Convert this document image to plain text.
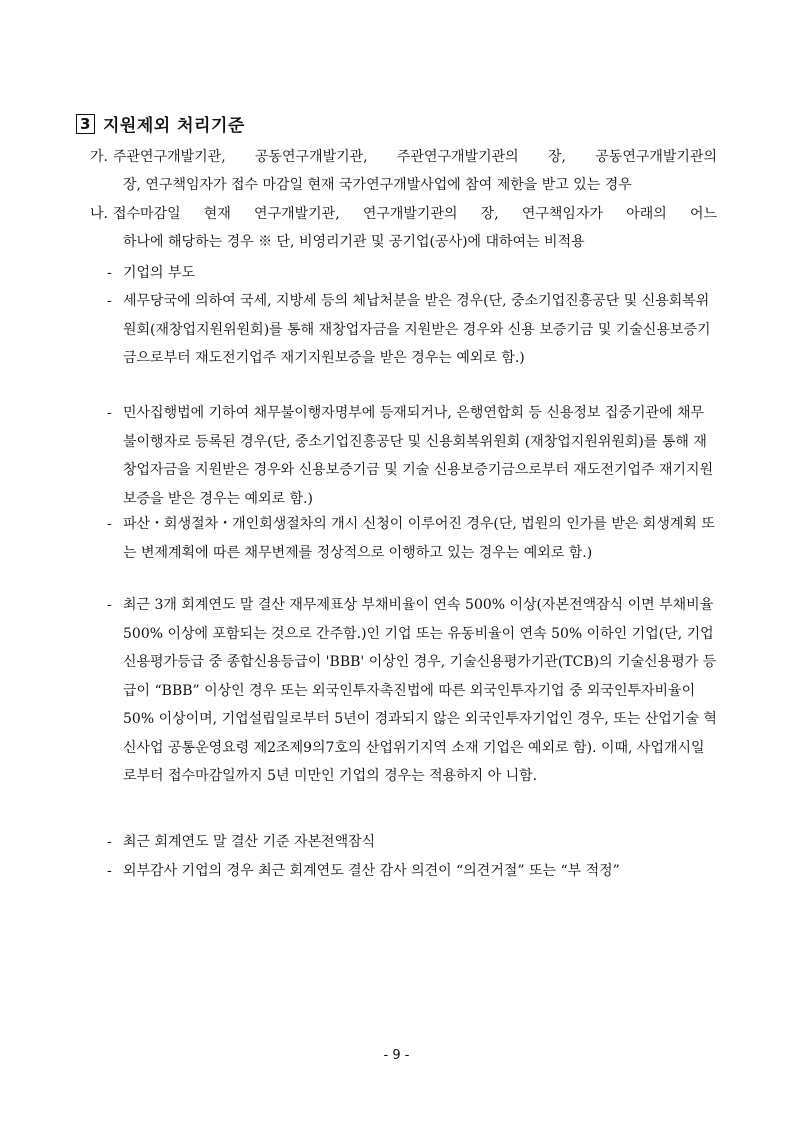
3 지원제외 처리기준
가. 주관연구개발기관, 공동연구개발기관, 주관연구개발기관의 장, 공동연구개발기관의
장, 연구책임자가 접수 마감일 현재 국가연구개발사업에 참여 제한을 받고 있는 경우
나. 접수마감일 현재 연구개발기관, 연구개발기관의 장, 연구책임자가 아래의 어느
하나에 해당하는 경우 ※ 단, 비영리기관 및 공기업(공사)에 대하여는 비적용
- 기업의 부도
- 세무당국에 의하여 국세, 지방세 등의 체납처분을 받은 경우(단, 중소기업진흥공단 및 신용회복위원회(재창업지원위원회)를 통해 재창업자금을 지원받은 경우와 신용 보증기금 및 기술신용보증기금으로부터 재도전기업주 재기지원보증을 받은 경우는 예외로 함.)
- 민사집행법에 기하여 채무불이행자명부에 등재되거나, 은행연합회 등 신용정보 집중기관에 채무불이행자로 등록된 경우(단, 중소기업진흥공단 및 신용회복위원회 (재창업지원위원회)를 통해 재창업자금을 지원받은 경우와 신용보증기금 및 기술 신용보증기금으로부터 재도전기업주 재기지원보증을 받은 경우는 예외로 함.)
- 파산・회생절차・개인회생절차의 개시 신청이 이루어진 경우(단, 법원의 인가를 받은 회생계획 또는 변제계획에 따른 채무변제를 정상적으로 이행하고 있는 경우는 예외로 함.)
- 최근 3개 회계연도 말 결산 재무제표상 부채비율이 연속 500% 이상(자본전액잠식 이면 부채비율 500% 이상에 포함되는 것으로 간주함.)인 기업 또는 유동비율이 연속 50% 이하인 기업(단, 기업신용평가등급 중 종합신용등급이 'BBB' 이상인 경우, 기술신용평가기관(TCB)의 기술신용평가 등급이 “BBB” 이상인 경우 또는 외국인투자촉진법에 따른 외국인투자기업 중 외국인투자비율이 50% 이상이며, 기업설립일로부터 5년이 경과되지 않은 외국인투자기업인 경우, 또는 산업기술 혁신사업 공통운영요령 제2조제9의7호의 산업위기지역 소재 기업은 예외로 함). 이때, 사업개시일로부터 접수마감일까지 5년 미만인 기업의 경우는 적용하지 아 니함.
- 최근 회계연도 말 결산 기준 자본전액잠식
- 외부감사 기업의 경우 최근 회계연도 결산 감사 의견이 “의견거절” 또는 “부 적정”
- 9 -
